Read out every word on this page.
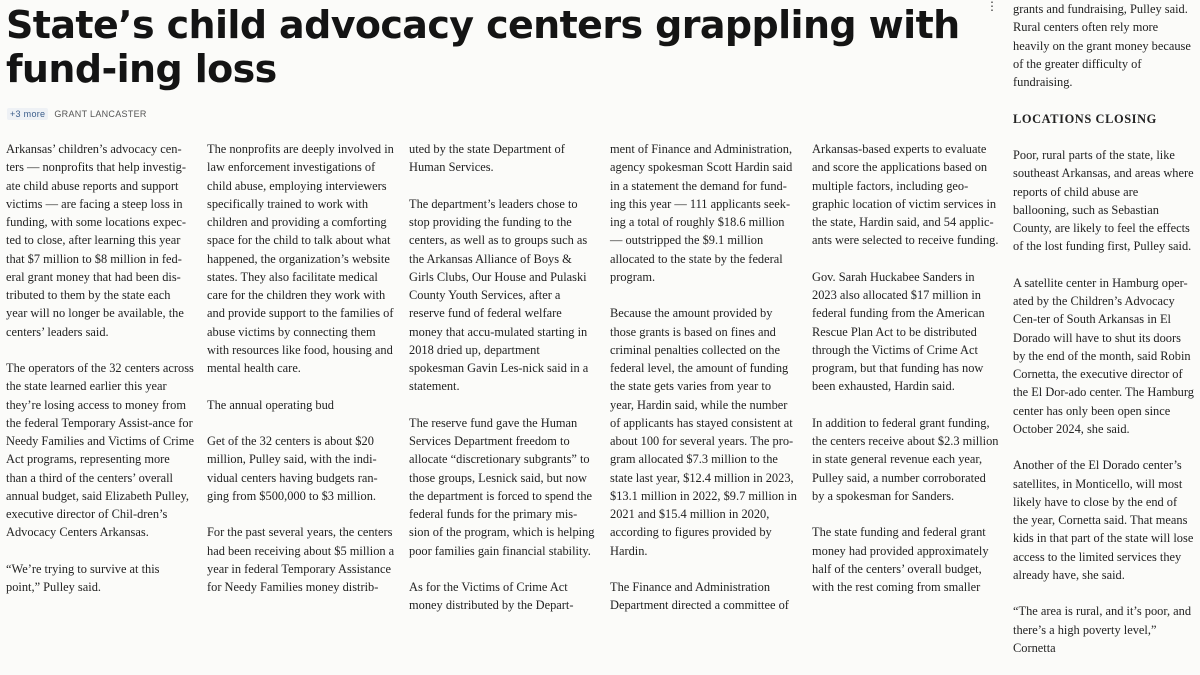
State’s child advocacy centers grappling with fund-ing loss
+3 more	GRANT LANCASTER
⋮

Arkansas’ children’s advocacy cen-ters — nonprofits that help investig-ate child abuse reports and support victims — are facing a steep loss in funding, with some locations expec-ted to close, after learning this year that $7 million to $8 million in fed-eral grant money that had been dis-tributed to them by the state each year will no longer be available, the centers’ leaders said.

The operators of the 32 centers across the state learned earlier this year they’re losing access to money from the federal Temporary Assist-ance for Needy Families and Victims of Crime Act programs, representing more than a third of the centers’ overall annual budget, said Elizabeth Pulley, executive director of Chil-dren’s Advocacy Centers Arkansas.

“We’re trying to survive at this point,” Pulley said.

The nonprofits are deeply involved in law enforcement investigations of child abuse, employing interviewers specifically trained to work with children and providing a comforting space for the child to talk about what happened, the organization’s website states. They also facilitate medical care for the children they work with and provide support to the families of abuse victims by connecting them with resources like food, housing and mental health care.

The annual operating bud

Get of the 32 centers is about $20 million, Pulley said, with the indi-vidual centers having budgets ran-ging from $500,000 to $3 million.

For the past several years, the centers had been receiving about $5 million a year in federal Temporary Assistance for Needy Families money distrib-

uted by the state Department of Human Services.

The department’s leaders chose to stop providing the funding to the centers, as well as to groups such as the Arkansas Alliance of Boys & Girls Clubs, Our House and Pulaski County Youth Services, after a reserve fund of federal welfare money that accu-mulated starting in 2018 dried up, department spokesman Gavin Les-nick said in a statement.

The reserve fund gave the Human Services Department freedom to allocate “discretionary subgrants” to those groups, Lesnick said, but now the department is forced to spend the federal funds for the primary mis-sion of the program, which is helping poor families gain financial stability.

As for the Victims of Crime Act money distributed by the Depart-

ment of Finance and Administration, agency spokesman Scott Hardin said in a statement the demand for fund-ing this year — 111 applicants seek-ing a total of roughly $18.6 million — outstripped the $9.1 million allocated to the state by the federal program.

Because the amount provided by those grants is based on fines and criminal penalties collected on the federal level, the amount of funding the state gets varies from year to year, Hardin said, while the number of applicants has stayed consistent at about 100 for several years. The pro-gram allocated $7.3 million to the state last year, $12.4 million in 2023, $13.1 million in 2022, $9.7 million in 2021 and $15.4 million in 2020, according to figures provided by Hardin.

The Finance and Administration Department directed a committee of

Arkansas-based experts to evaluate and score the applications based on multiple factors, including geo-graphic location of victim services in the state, Hardin said, and 54 applic-ants were selected to receive funding.

Gov. Sarah Huckabee Sanders in 2023 also allocated $17 million in federal funding from the American Rescue Plan Act to be distributed through the Victims of Crime Act program, but that funding has now been exhausted, Hardin said.

In addition to federal grant funding, the centers receive about $2.3 million in state general revenue each year, Pulley said, a number corroborated by a spokesman for Sanders.

The state funding and federal grant money had provided approximately half of the centers’ overall budget, with the rest coming from smaller

grants and fundraising, Pulley said. Rural centers often rely more heavily on the grant money because of the greater difficulty of fundraising.

LOCATIONS CLOSING

Poor, rural parts of the state, like southeast Arkansas, and areas where reports of child abuse are ballooning, such as Sebastian County, are likely to feel the effects of the lost funding first, Pulley said.

A satellite center in Hamburg oper-ated by the Children’s Advocacy Cen-ter of South Arkansas in El Dorado will have to shut its doors by the end of the month, said Robin Cornetta, the executive director of the El Dor-ado center. The Hamburg center has only been open since October 2024, she said.

Another of the El Dorado center’s satellites, in Monticello, will most likely have to close by the end of the year, Cornetta said. That means kids in that part of the state will lose access to the limited services they already have, she said.

“The area is rural, and it’s poor, and there’s a high poverty level,” Cornetta
